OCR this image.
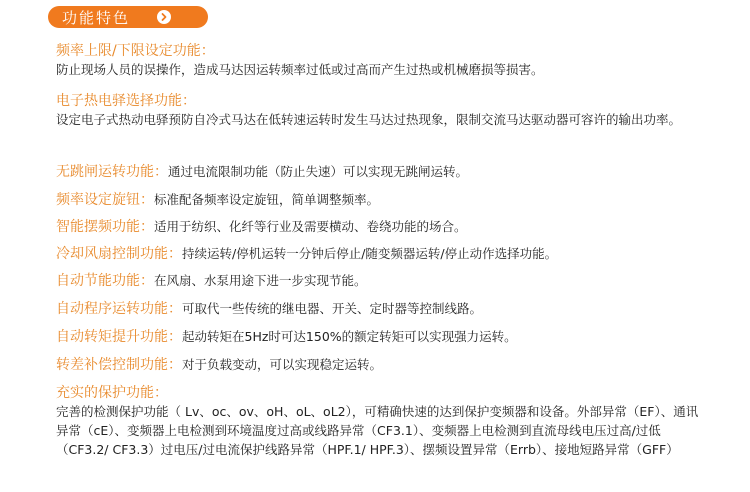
功能特色
频率上限/下限设定功能：
防止现场人员的误操作，造成马达因运转频率过低或过高而产生过热或机械磨损等损害。
电子热电驿选择功能：
设定电子式热动电驿预防自冷式马达在低转速运转时发生马达过热现象，限制交流马达驱动器可容许的输出功率。
无跳闸运转功能：通过电流限制功能（防止失速）可以实现无跳闸运转。
频率设定旋钮：标准配备频率设定旋钮，简单调整频率。
智能摆频功能：适用于纺织、化纤等行业及需要横动、卷绕功能的场合。
冷却风扇控制功能：持续运转/停机运转一分钟后停止/随变频器运转/停止动作选择功能。
自动节能功能：在风扇、水泵用途下进一步实现节能。
自动程序运转功能：可取代一些传统的继电器、开关、定时器等控制线路。
自动转矩提升功能：起动转矩在5Hz时可达150%的额定转矩可以实现强力运转。
转差补偿控制功能：对于负载变动，可以实现稳定运转。
充实的保护功能：
完善的检测保护功能（ Lv、oc、ov、oH、oL、oL2），可精确快速的达到保护变频器和设备。外部异常（EF）、通讯异常（cE）、变频器上电检测到环境温度过高或线路异常（CF3.1）、变频器上电检测到直流母线电压过高/过低（CF3.2/ CF3.3）过电压/过电流保护线路异常（HPF.1/ HPF.3）、摆频设置异常（Errb）、接地短路异常（GFF）
